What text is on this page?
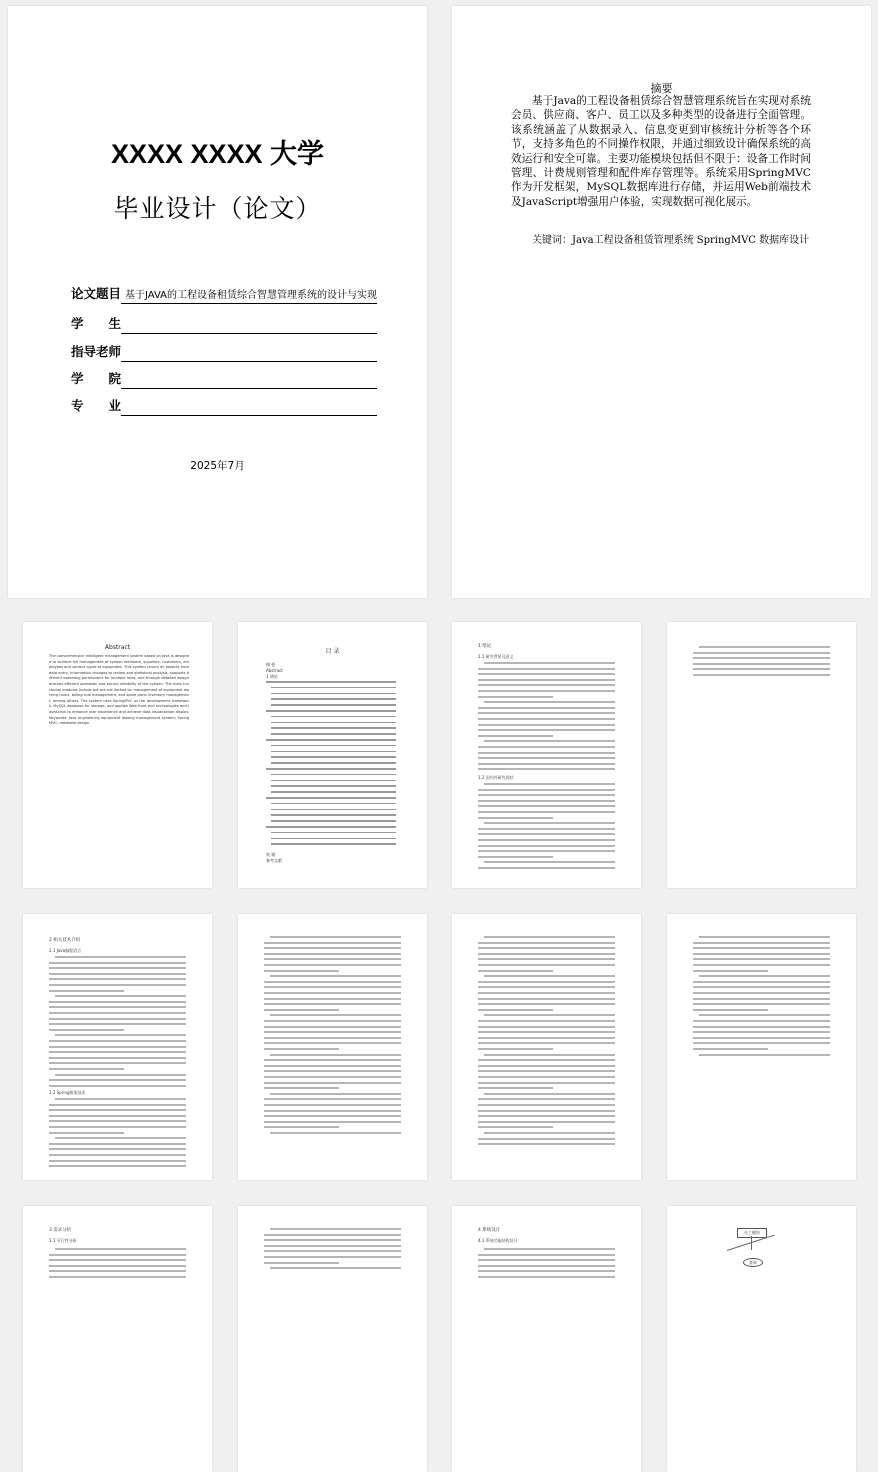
XXXX XXXX 大学
毕业设计（论文）
论文题目 基于JAVA的工程设备租赁综合智慧管理系统的设计与实现
学　生
指导老师
学　院
专　业
2025年7月
摘要

基于Java的工程设备租赁综合智慧管理系统旨在实现对系统会员、供应商、客户、员工以及多种类型的设备进行全面管理。该系统涵盖了从数据录入、信息变更到审核统计分析等各个环节，支持多角色的不同操作权限，并通过细致设计确保系统的高效运行和安全可靠。主要功能模块包括但不限于：设备工作时间管理、计费规则管理和配件库存管理等。系统采用SpringMVC作为开发框架，MySQL数据库进行存储，并运用Web前端技术及JavaScript增强用户体验，实现数据可视化展示。

关键词：Java工程设备租赁管理系统 SpringMVC 数据库设计

Abstract

The comprehensive intelligent management system based on Java is designed to achieve full management of system members, suppliers, customers, employees and various types of equipment. This system covers all aspects from data entry, information changes to review and statistical analysis, supports different operating permissions for multiple roles, and through detailed design ensures efficient operation and secure reliability of the system. The main functional modules include but are not limited to: management of equipment working hours, billing rule management, and spare parts inventory management, among others. The system uses SpringMVC as the development framework, MySQL database for storage, and applies Web front-end technologies and JavaScript to enhance user experience and achieve data visualization display. Keywords: Java engineering equipment leasing management system; SpringMVC; database design

目 录
摘 要
Abstract
1 绪论
致 谢
参考文献
1 绪论
1.1 研究背景及意义
1.2 国内外研究现状
2 相关技术介绍
2.1 Java编程语言
2.2 Spring框架技术
3 需求分析
3.1 可行性分析
4 系统设计
4.1 系统功能结构设计
员工模块
查询
